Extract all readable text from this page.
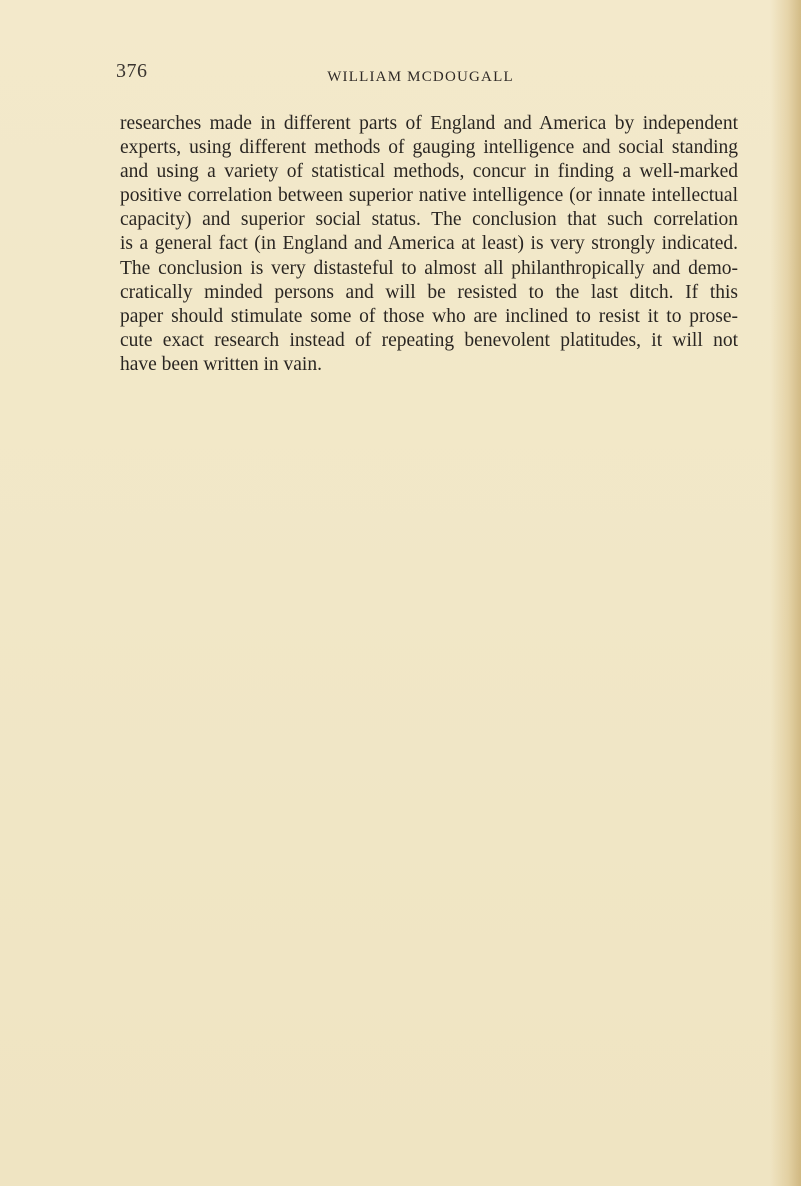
376	WILLIAM MCDOUGALL
researches made in different parts of England and America by independent
experts, using different methods of gauging intelligence and social standing
and using a variety of statistical methods, concur in finding a well-marked
positive correlation between superior native intelligence (or innate intellectual
capacity) and superior social status. The conclusion that such correlation
is a general fact (in England and America at least) is very strongly indicated.
The conclusion is very distasteful to almost all philanthropically and demo-
cratically minded persons and will be resisted to the last ditch. If this
paper should stimulate some of those who are inclined to resist it to prose-
cute exact research instead of repeating benevolent platitudes, it will not
have been written in vain.
